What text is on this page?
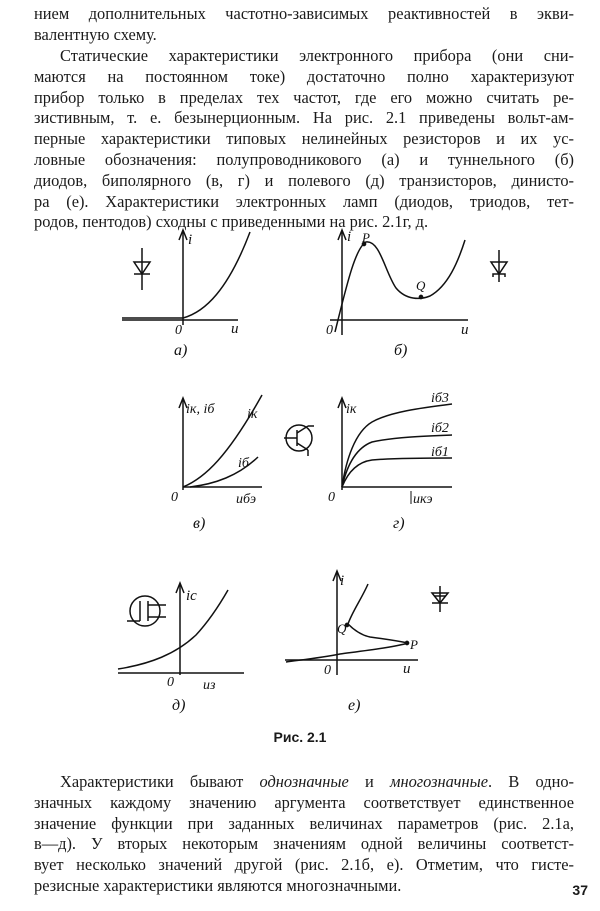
нием дополнительных частотно-зависимых реактивностей в экви-
валентную схему.
Статические характеристики электронного прибора (они сни-
маются на постоянном токе) достаточно полно характеризуют
прибор только в пределах тех частот, где его можно считать ре-
зистивным, т. е. безынерционным. На рис. 2.1 приведены вольт-ам-
перные характеристики типовых нелинейных резисторов и их ус-
ловные обозначения: полупроводникового (а) и туннельного (б)
диодов, биполярного (в, г) и полевого (д) транзисторов, динисто-
ра (е). Характеристики электронных ламп (диодов, триодов, тет-
родов, пентодов) сходны с приведенными на рис. 2.1г, д.
i
u
0
а)
i P
Q
u
0
б)
iк, iб iк
iб
uбэ
0
в)
iк
iб3
iб2
iб1
uкэ
0
г)
iс
uз
0
д)
i
Q
P
u
0
е)
Рис. 2.1
Характеристики бывают однозначные и многозначные. В одно-
значных каждому значению аргумента соответствует единственное
значение функции при заданных величинах параметров (рис. 2.1а,
в—д). У вторых некоторым значениям одной величины соответст-
вует несколько значений другой (рис. 2.1б, е). Отметим, что гисте-
резисные характеристики являются многозначными.	37
